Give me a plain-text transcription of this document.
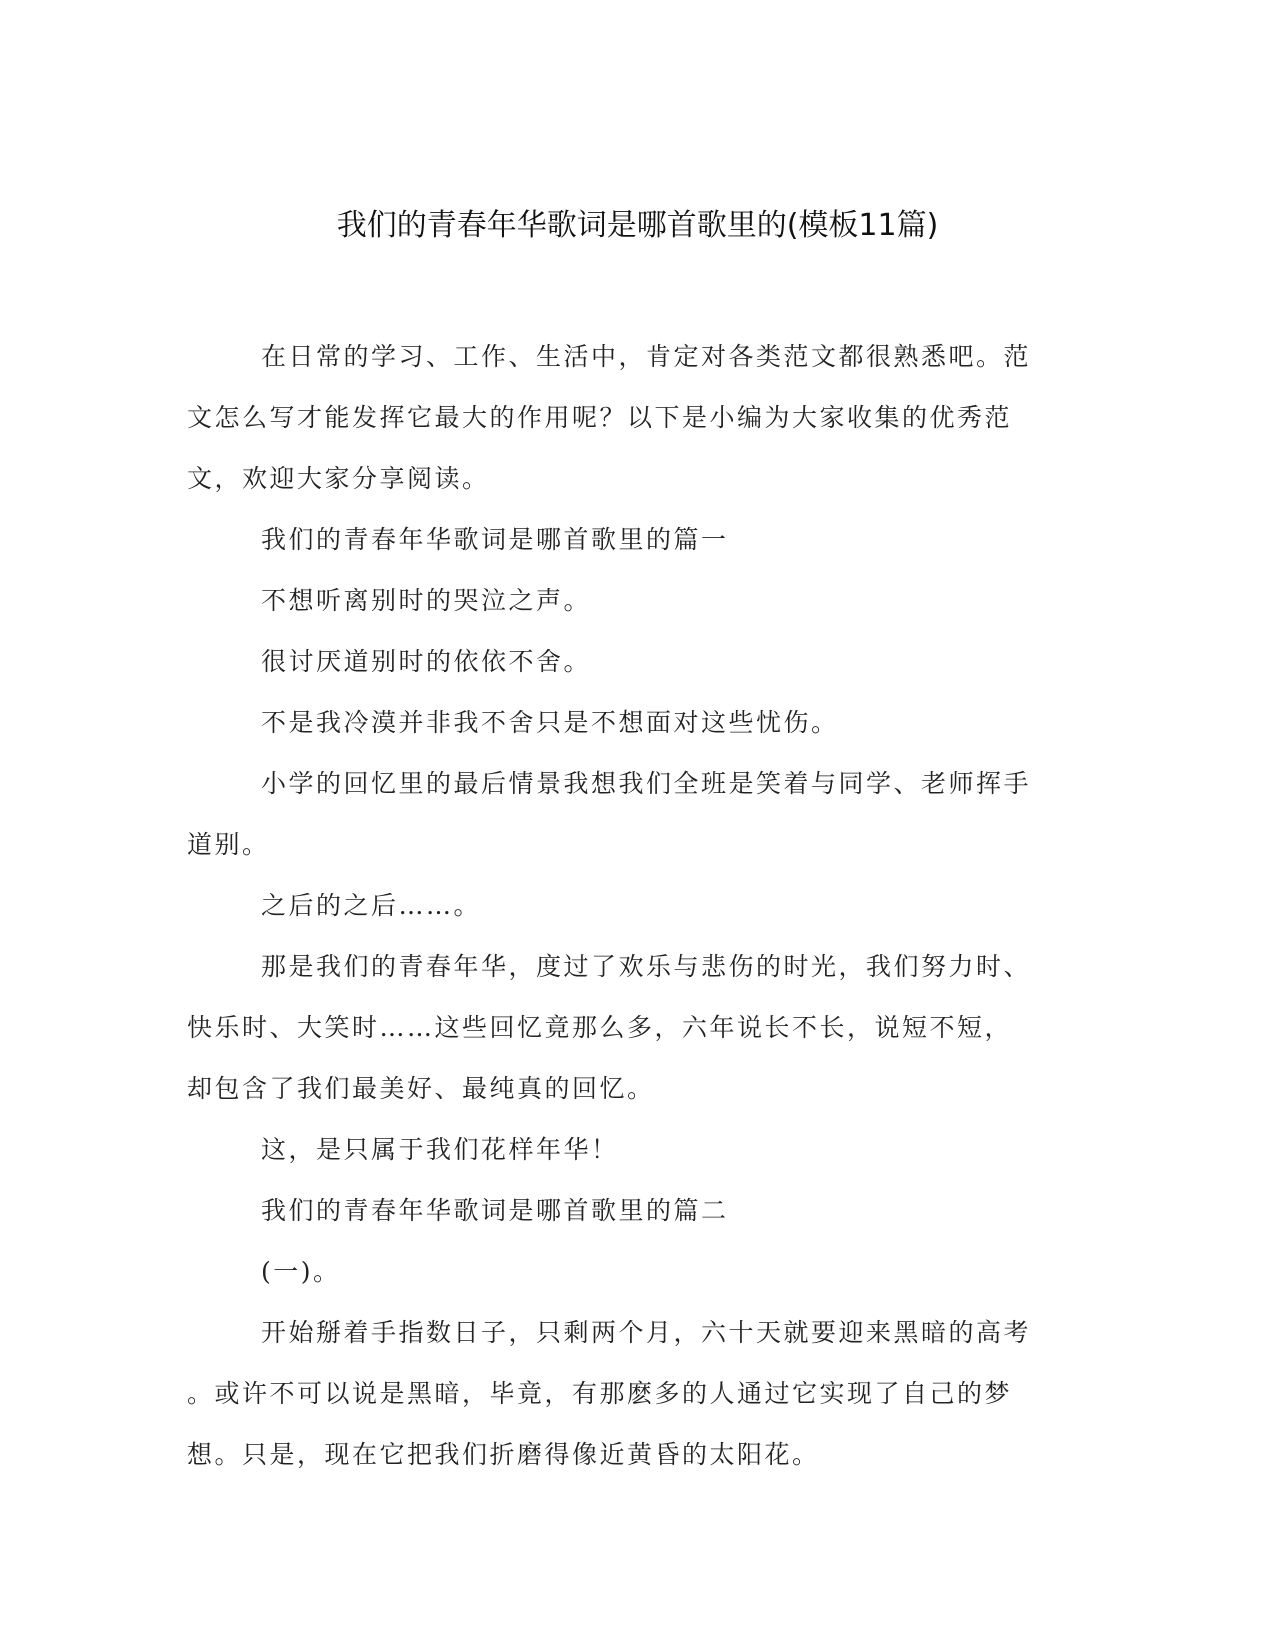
我们的青春年华歌词是哪首歌里的(模板11篇)

在日常的学习、工作、生活中，肯定对各类范文都很熟悉吧。范

文怎么写才能发挥它最大的作用呢？以下是小编为大家收集的优秀范

文，欢迎大家分享阅读。

我们的青春年华歌词是哪首歌里的篇一

不想听离别时的哭泣之声。

很讨厌道别时的依依不舍。

不是我冷漠并非我不舍只是不想面对这些忧伤。

小学的回忆里的最后情景我想我们全班是笑着与同学、老师挥手

道别。

之后的之后……。

那是我们的青春年华，度过了欢乐与悲伤的时光，我们努力时、

快乐时、大笑时……这些回忆竟那么多，六年说长不长，说短不短，

却包含了我们最美好、最纯真的回忆。

这，是只属于我们花样年华！

我们的青春年华歌词是哪首歌里的篇二

(一)。

开始掰着手指数日子，只剩两个月，六十天就要迎来黑暗的高考

。或许不可以说是黑暗，毕竟，有那麽多的人通过它实现了自己的梦

想。只是，现在它把我们折磨得像近黄昏的太阳花。
